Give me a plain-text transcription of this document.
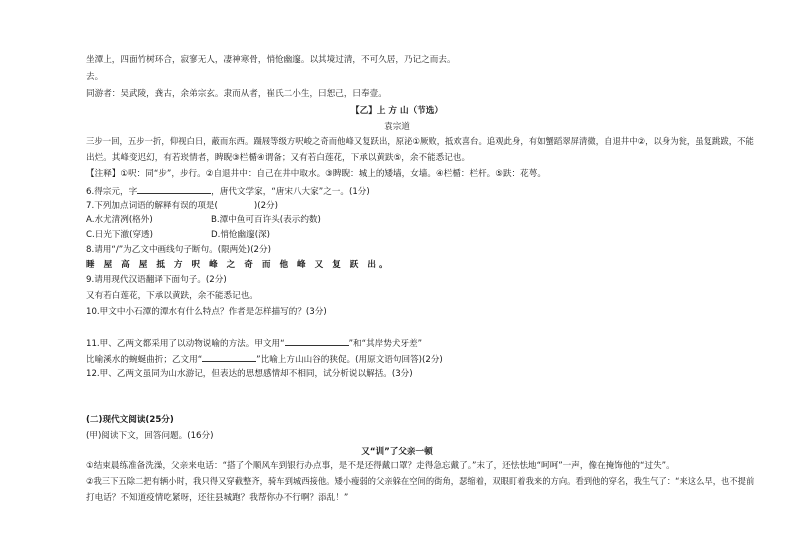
坐潭上，四面竹树环合，寂寥无人，凄神寒骨，悄怆幽邃。以其境过清，不可久居，乃记之而去。
去。
同游者：吴武陵，龚古，余弟宗玄。隶而从者，崔氏二小生，曰恕己，曰奉壹。
【乙】上 方 山（节选）
袁宗道
三步一回，五步一折，仰视白日，蔽而东西。蹑屐等级方呎峻之奇而他峰又复跃出，原泌①厥败，抵欢喜台。追观此身，有如蟹蹈翠屏清微，自退井中②，以身为瓮，虽复跳跋，不能
出烂。其峰变迟幻，有若崁情者，睥睨③栏楯④谓备；又有若白莲花，下承以黄趺⑤，余不能悉记也。
【注释】①呎：同“步”，步行。②自退井中：自己在井中取水。③睥睨：城上的矮墙，女墙。④栏楯：栏杆。⑤趺：花萼。
6.得宗元，字	，唐代文学家，“唐宋八大家”之一。(1分)
7.下列加点词语的解释有误的项是(	)(2分)
A.水尤清冽(格外)	B.潭中鱼可百许头(表示约数)
C.日光下澈(穿透)	D.悄怆幽邃(深)
8.请用“/”为乙文中画线句子断句。(限两处)(2分)
睡 屋 高 屋 抵 方 呎 峰 之 奇 而 他 峰 又 复 跃 出。
9.请用现代汉语翻译下面句子。(2分)
又有若白莲花，下承以黄趺，余不能悉记也。
10.甲文中小石潭的潭水有什么特点？作者是怎样描写的？(3分)
11.甲、乙两文都采用了以动物说喻的方法。甲文用“	”和“其岸势犬牙差”
比喻溪水的蜿蜒曲折；乙文用“	”比喻上方山山谷的狭促。(用原文语句回答)(2分)
12.甲、乙两文虽同为山水游记，但表达的思想感情却不相同，试分析说以解括。(3分)
(二)现代文阅读(25分)
(甲)阅读下文，回答问题。(16分)
又“训”了父亲一顿
①结束晨练准备洗澡，父亲来电话：“搭了个顺风车到银行办点事，是不是还得戴口罩？走得急忘戴了。”末了，还怯怯地“呵呵”一声，像在掩饰他的“过失”。
②我三下五除二把有辆小时，我只得又穿截整齐，骑车到城西接他。矮小瘦弱的父亲躲在空间的街角，瑟缩着，双眼盯着我来的方向。看到他的穿名，我生气了：“来这么早，也不提前
打电话？不知道疫情吃紧呀，还往县城跑？我帮你办不行啊？添乱！”
